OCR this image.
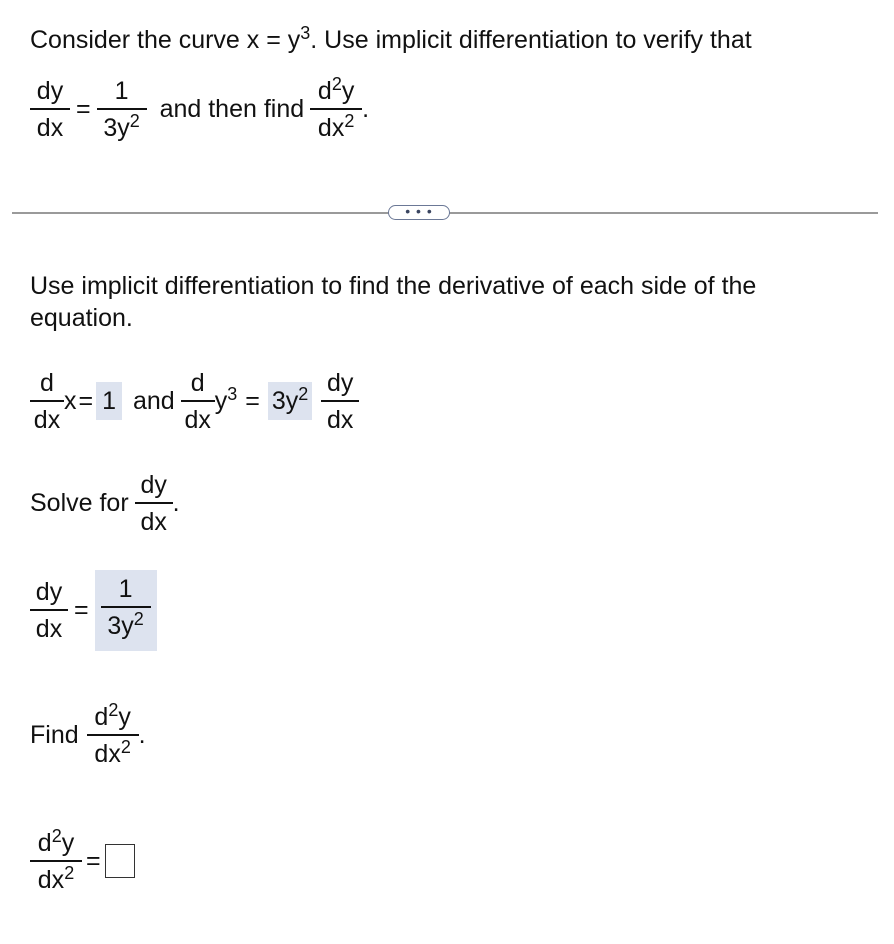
Consider the curve $x = y^3$. Use implicit differentiation to verify that
$\frac{dy}{dx} = \frac{1}{3y^2}$ and then find $\frac{d^2y}{dx^2}$ .
• • •
Use implicit differentiation to find the derivative of each side of the
equation.
$\frac{d}{dx} x= 1$ and $\frac{d}{dx} y^3 = 3y^2 \frac{dy}{dx}$
Solve for $\frac{dy}{dx}$ .
$\frac{dy}{dx} = \frac{1}{3y^2}$
Find $\frac{d^2y}{dx^2}$ .
$\frac{d^2y}{dx^2}$ =
